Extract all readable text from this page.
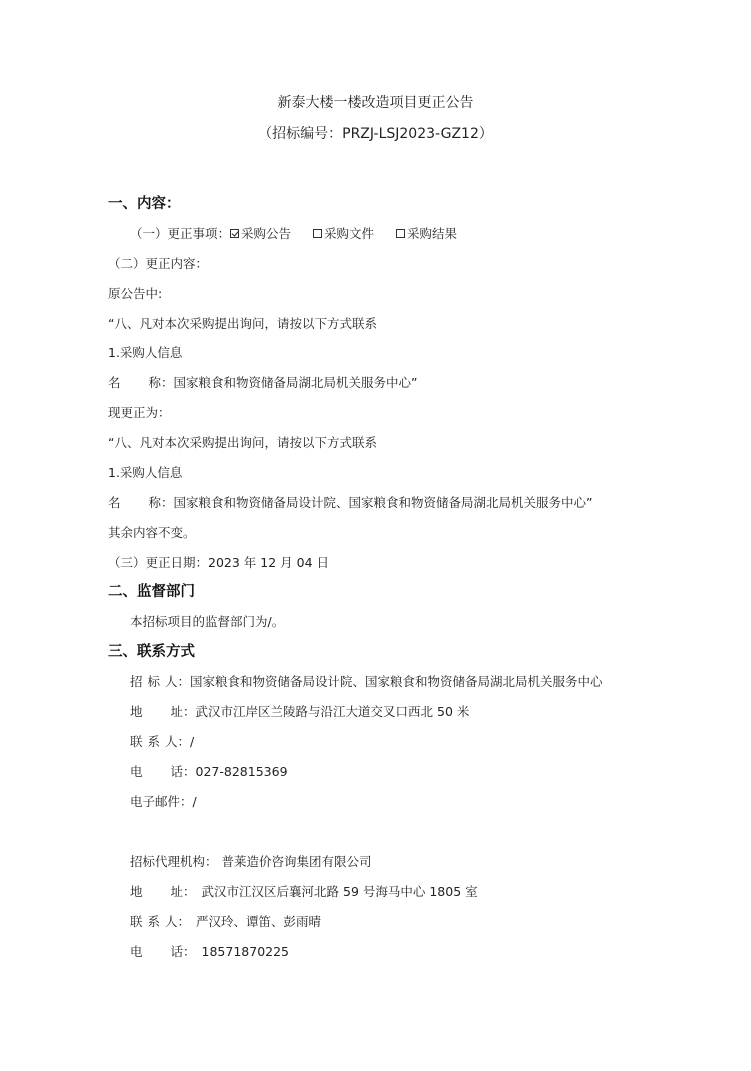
新泰大楼一楼改造项目更正公告
（招标编号：PRZJ-LSJ2023-GZ12）
一、内容：
（一）更正事项： 采购公告	采购文件	采购结果
（二）更正内容：
原公告中:
“八、凡对本次采购提出询问，请按以下方式联系
1.采购人信息
名 称：国家粮食和物资储备局湖北局机关服务中心”
现更正为：
“八、凡对本次采购提出询问，请按以下方式联系
1.采购人信息
名 称：国家粮食和物资储备局设计院、国家粮食和物资储备局湖北局机关服务中心”
其余内容不变。
（三）更正日期：2023 年 12 月 04 日
二、监督部门
本招标项目的监督部门为/。
三、联系方式
招 标 人：国家粮食和物资储备局设计院、国家粮食和物资储备局湖北局机关服务中心
地 址：武汉市江岸区兰陵路与沿江大道交叉口西北 50 米
联 系 人：/
电 话：027-82815369
电子邮件：/
招标代理机构： 普莱造价咨询集团有限公司
地 址： 武汉市江汉区后襄河北路 59 号海马中心 1805 室
联 系 人： 严汉玲、谭笛、彭雨晴
电 话： 18571870225
